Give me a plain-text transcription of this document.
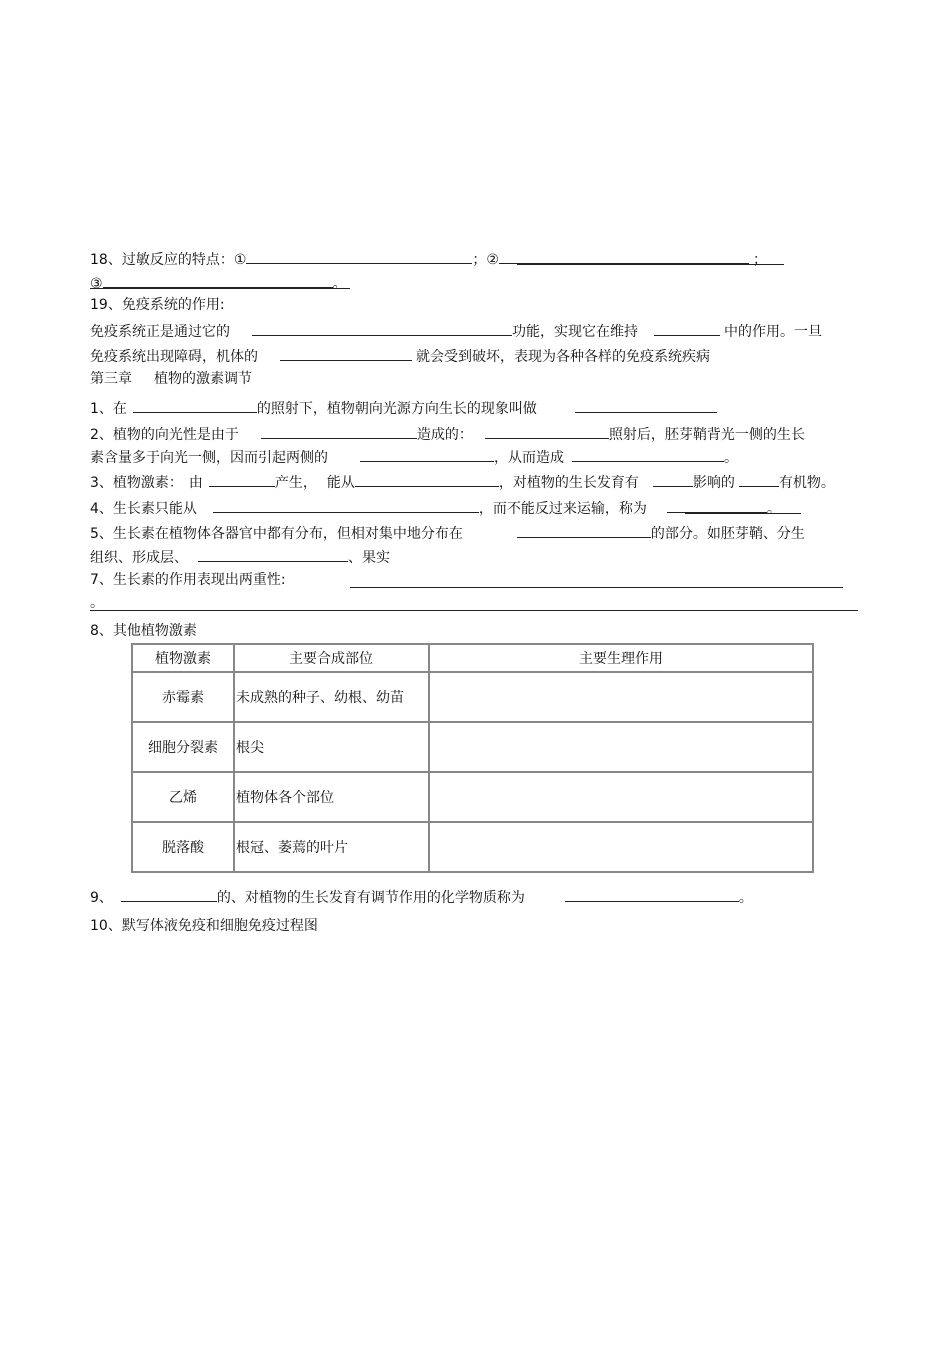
18、过敏反应的特点：①	；②	；
③	。
19、免疫系统的作用:
免疫系统正是通过它的	功能，实现它在维持	中的作用。一旦
免疫系统出现障碍，机体的	就会受到破坏，表现为各种各样的免疫系统疾病
第三章 植物的激素调节
1、在	的照射下，植物朝向光源方向生长的现象叫做
2、植物的向光性是由于	造成的：	照射后，胚芽鞘背光一侧的生长
素含量多于向光一侧，因而引起两侧的	，从而造成	。
3、植物激素： 由	产生， 能从	，对植物的生长发育有	影响的	有机物。
4、生长素只能从	，而不能反过来运输，称为	。
5、生长素在植物体各器官中都有分布，但相对集中地分布在	的部分。如胚芽鞘、分生
组织、形成层、	、果实
7、生长素的作用表现出两重性:
。
8、其他植物激素
植物激素	主要合成部位	主要生理作用
赤霉素	未成熟的种子、幼根、幼苗	
细胞分裂素	根尖	
乙烯	植物体各个部位	
脱落酸	根冠、萎蔫的叶片	
9、	的、对植物的生长发育有调节作用的化学物质称为	。
10、默写体液免疫和细胞免疫过程图
